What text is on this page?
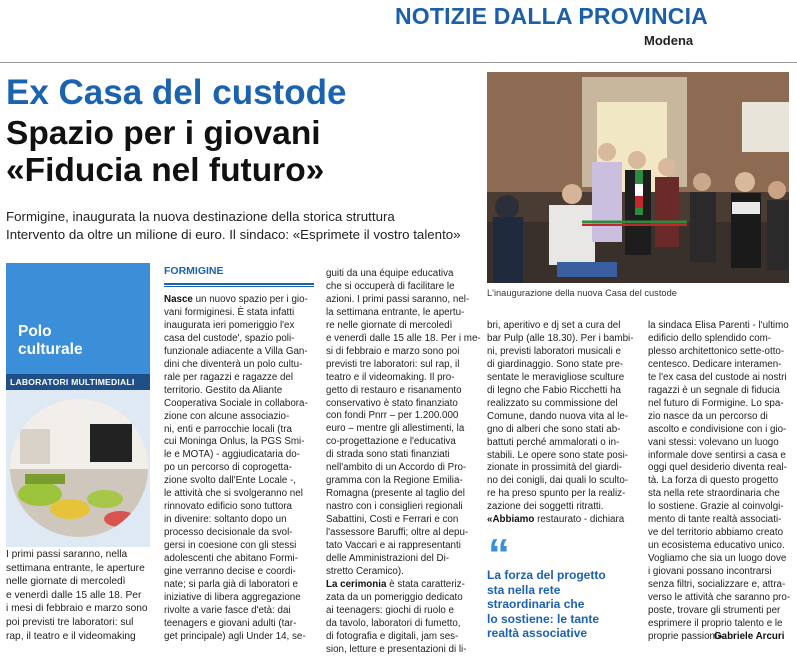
NOTIZIE DALLA PROVINCIA
Modena
Ex Casa del custode
Spazio per i giovani
«Fiducia nel futuro»
Formigine, inaugurata la nuova destinazione della storica struttura
Intervento da oltre un milione di euro. Il sindaco: «Esprimete il vostro talento»
L'inaugurazione della nuova Casa del custode
Polo
culturale
LABORATORI MULTIMEDIALI
I primi passi saranno, nella
settimana entrante, le aperture
nelle giornate di mercoledì
e venerdì dalle 15 alle 18. Per
i mesi di febbraio e marzo sono
poi previsti tre laboratori: sul
rap, il teatro e il videomaking
FORMIGINE
Nasce un nuovo spazio per i gio-
vani formiginesi. È stata infatti
inaugurata ieri pomeriggio l'ex
casa del custode', spazio poli-
funzionale adiacente a Villa Gan-
dini che diventerà un polo cultu-
rale per ragazzi e ragazze del
territorio. Gestito da Aliante
Cooperativa Sociale in collabora-
zione con alcune associazio-
ni, enti e parrocchie locali (tra
cui Moninga Onlus, la PGS Smi-
le e MOTA) - aggiudicataria do-
po un percorso di coprogetta-
zione svolto dall'Ente Locale -,
le attività che si svolgeranno nel
rinnovato edificio sono tuttora
in divenire: soltanto dopo un
processo decisionale da svol-
gersi in coesione con gli stessi
adolescenti che abitano Formi-
gine verranno decise e coordi-
nate; si parla già di laboratori e
iniziative di libera aggregazione
rivolte a varie fasce d'età: dai
teenagers e giovani adulti (tar-
get principale) agli Under 14, se-
guiti da una équipe educativa
che si occuperà di facilitare le
azioni. I primi passi saranno, nel-
la settimana entrante, le apertu-
re nelle giornate di mercoledì
e venerdì dalle 15 alle 18. Per i me-
si di febbraio e marzo sono poi
previsti tre laboratori: sul rap, il
teatro e il videomaking. Il pro-
getto di restauro e risanamento
conservativo è stato finanziato
con fondi Pnrr – per 1.200.000
euro – mentre gli allestimenti, la
co-progettazione e l'educativa
di strada sono stati finanziati
nell'ambito di un Accordo di Pro-
gramma con la Regione Emilia-
Romagna (presente al taglio del
nastro con i consiglieri regionali
Sabattini, Costi e Ferrari e con
l'assessore Baruffi; oltre al depu-
tato Vaccari e ai rappresentanti
delle Amministrazioni del Di-
stretto Ceramico).
La cerimonia è stata caratteriz-
zata da un pomeriggio dedicato
ai teenagers: giochi di ruolo e
da tavolo, laboratori di fumetto,
di fotografia e digitali, jam ses-
sion, letture e presentazioni di li-
bri, aperitivo e dj set a cura del
bar Pulp (alle 18.30). Per i bambi-
ni, previsti laboratori musicali e
di giardinaggio. Sono state pre-
sentate le meravigliose sculture
di legno che Fabio Ricchetti ha
realizzato su commissione del
Comune, dando nuova vita al le-
gno di alberi che sono stati ab-
battuti perché ammalorati o in-
stabili. Le opere sono state posi-
zionate in prossimità del giardi-
no dei conigli, dai quali lo sculto-
re ha preso spunto per la realiz-
zazione dei soggetti ritratti.
«Abbiamo restaurato - dichiara
la sindaca Elisa Parenti - l'ultimo
edificio dello splendido com-
plesso architettonico sette-otto-
centesco. Dedicare interamen-
te l'ex casa del custode ai nostri
ragazzi è un segnale di fiducia
nel futuro di Formigine. Lo spa-
zio nasce da un percorso di
ascolto e condivisione con i gio-
vani stessi: volevano un luogo
informale dove sentirsi a casa e
oggi quel desiderio diventa real-
tà. La forza di questo progetto
sta nella rete straordinaria che
lo sostiene. Grazie al coinvolgi-
mento di tante realtà associati-
ve del territorio abbiamo creato
un ecosistema educativo unico.
Vogliamo che sia un luogo dove
i giovani possano incontrarsi
senza filtri, socializzare e, attra-
verso le attività che saranno pro-
poste, trovare gli strumenti per
esprimere il proprio talento e le
proprie passioni».
“
La forza del progetto
sta nella rete
straordinaria che
lo sostiene: le tante
realtà associative	Gabriele Arcuri
